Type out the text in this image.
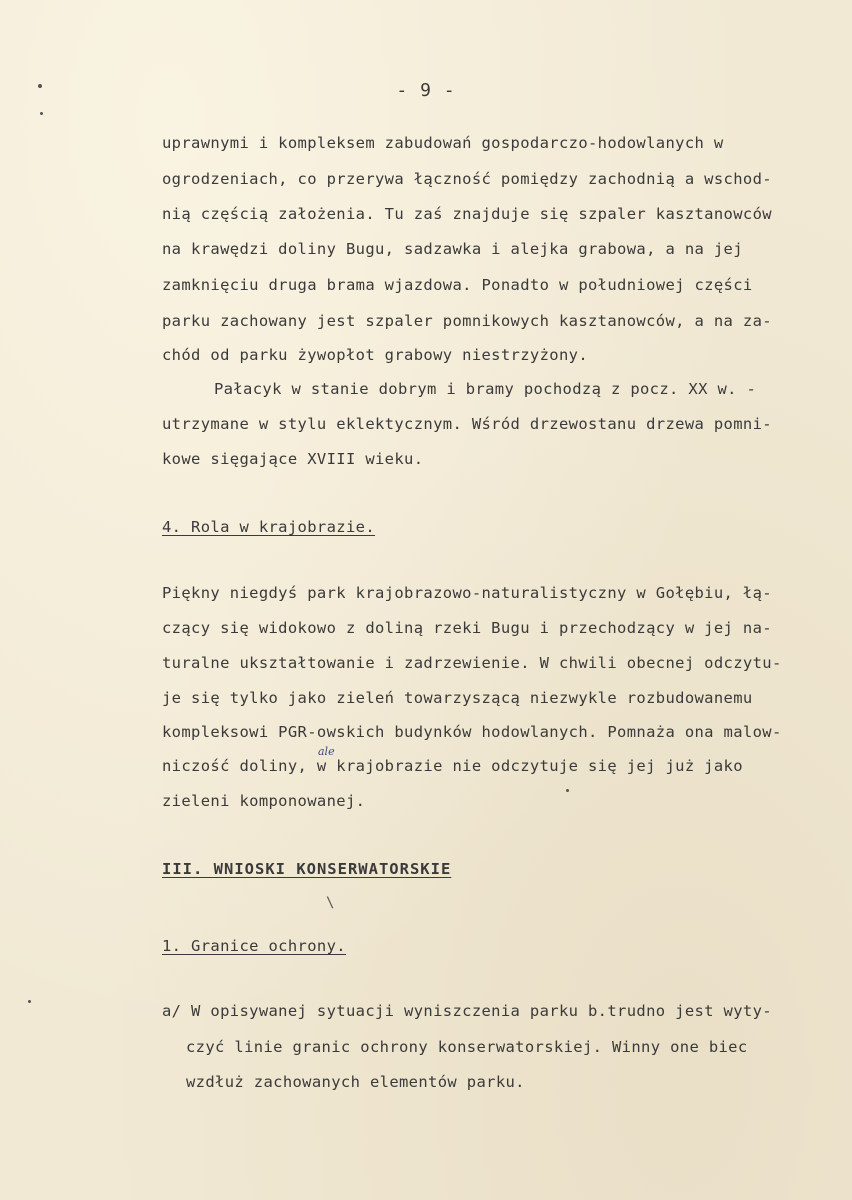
- 9 -
uprawnymi i kompleksem zabudowań gospodarczo-hodowlanych w
ogrodzeniach, co przerywa łączność pomiędzy zachodnią a wschod-
nią częścią założenia. Tu zaś znajduje się szpaler kasztanowców
na krawędzi doliny Bugu, sadzawka i alejka grabowa, a na jej
zamknięciu druga brama wjazdowa. Ponadto w południowej części
parku zachowany jest szpaler pomnikowych kasztanowców, a na za-
chód od parku żywopłot grabowy niestrzyżony.
Pałacyk w stanie dobrym i bramy pochodzą z pocz. XX w. -
utrzymane w stylu eklektycznym. Wśród drzewostanu drzewa pomni-
kowe sięgające XVIII wieku.
4. Rola w krajobrazie.
Piękny niegdyś park krajobrazowo-naturalistyczny w Gołębiu, łą-
czący się widokowo z doliną rzeki Bugu i przechodzący w jej na-
turalne ukształtowanie i zadrzewienie. W chwili obecnej odczytu-
je się tylko jako zieleń towarzyszącą niezwykle rozbudowanemu
kompleksowi PGR-owskich budynków hodowlanych. Pomnaża ona malow-
niczość doliny, w krajobrazie nie odczytuje się jej już jako
zieleni komponowanej.
ale
III. WNIOSKI KONSERWATORSKIE
1. Granice ochrony.
a/ W opisywanej sytuacji wyniszczenia parku b.trudno jest wyty-
czyć linie granic ochrony konserwatorskiej. Winny one biec
wzdłuż zachowanych elementów parku.
\
